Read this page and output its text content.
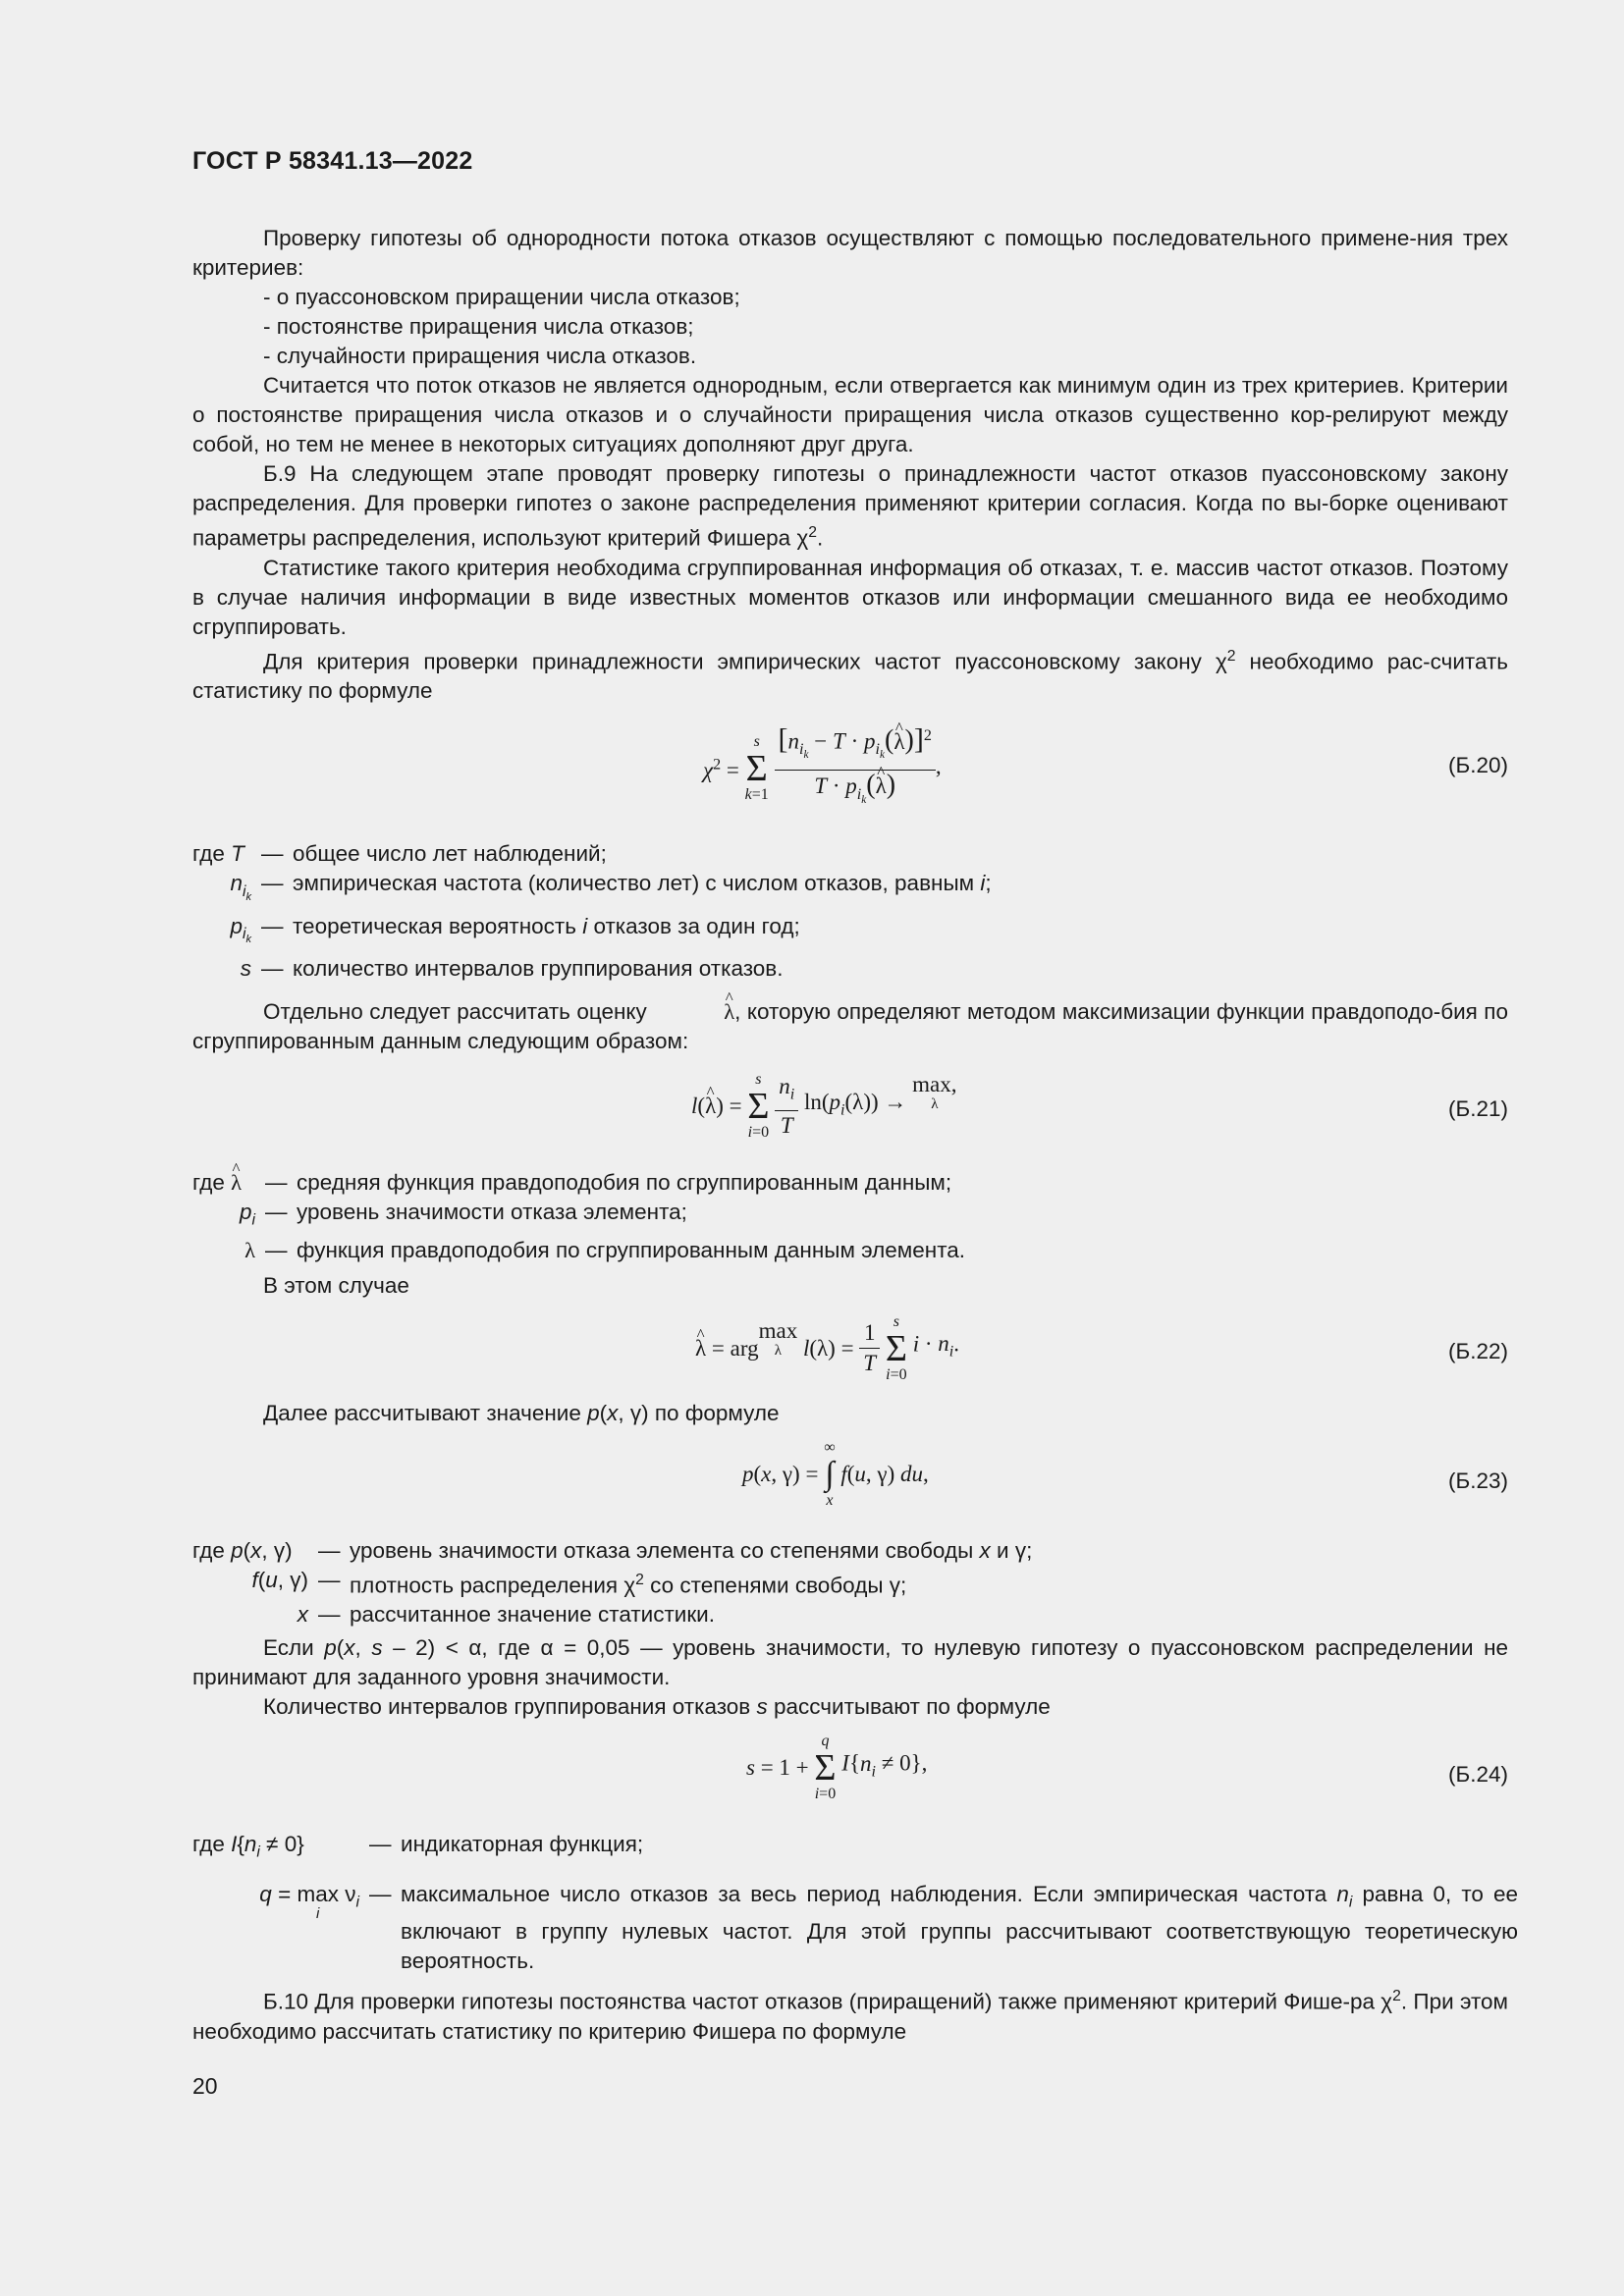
ГОСТ Р 58341.13—2022

Проверку гипотезы об однородности потока отказов осуществляют с помощью последовательного примене-ния трех критериев:

- о пуассоновском приращении числа отказов;

- постоянстве приращения числа отказов;

- случайности приращения числа отказов.

Считается что поток отказов не является однородным, если отвергается как минимум один из трех критериев. Критерии о постоянстве приращения числа отказов и о случайности приращения числа отказов существенно кор-релируют между собой, но тем не менее в некоторых ситуациях дополняют друг друга.

Б.9 На следующем этапе проводят проверку гипотезы о принадлежности частот отказов пуассоновскому закону распределения. Для проверки гипотез о законе распределения применяют критерии согласия. Когда по вы-борке оценивают параметры распределения, используют критерий Фишера $\chi^2$.

Статистике такого критерия необходима сгруппированная информация об отказах, т. е. массив частот отказов. Поэтому в случае наличия информации в виде известных моментов отказов или информации смешанного вида ее необходимо сгруппировать.

Для критерия проверки принадлежности эмпирических частот пуассоновскому закону $\chi^2$ необходимо рас-считать статистику по формуле

$\chi^2$ =
s
Σ
k=1
$\frac{[n_{i_k} - T \cdot p_{i_k}(\^{} \lambda)]^2}{T \cdot p_{i_k}(\^{} \lambda)}$ ,	(Б.20)
где T — общее число лет наблюдений;
$n_{i_k}$
— эмпирическая частота (количество лет) с числом отказов, равным i;
$p_{i_k}$
— теоретическая вероятность i отказов за один год;
s — количество интервалов группирования отказов.

Отдельно следует рассчитать оценку ^	λ, которую определяют методом максимизации функции правдоподо-бия по сгруппированным данным следующим образом:

l(^ λ) =
s
Σ
i=0
$\frac{n_i}{T} \ln(p_i(\lambda)) \to \max$,

λ	(Б.21)
где ^ λ	— средняя функция правдоподобия по сгруппированным данным;
$p_i$ — уровень значимости отказа элемента;
λ — функция правдоподобия по сгруппированным данным элемента.

В этом случае

^ λ = argmax

λ $l(\lambda) = \frac{1}{T}$
s
Σ
i=0
$i \cdot n_i$.	(Б.22)

Далее рассчитывают значение p(x, γ) по формуле

p(x, γ) =
∞
∫
x
f(u, γ) du,	(Б.23)
где p(x, γ)	— уровень значимости отказа элемента со степенями свободы x и γ;
f(u, γ) — плотность распределения $\chi^2$ со степенями свободы γ;
x — рассчитанное значение статистики.

Если p(x, s – 2) < α, где α = 0,05 — уровень значимости, то нулевую гипотезу о пуассоновском распределении не принимают для заданного уровня значимости.

Количество интервалов группирования отказов s рассчитывают по формуле

s = 1 +
q
Σ
i=0
$I\{n_i \ne 0\}$,	(Б.24)
где $I\{n_i \ne 0\}$	— индикаторная функция;
q = max

i
$\nu_i$ — максимальное число отказов за весь период наблюдения. Если эмпирическая частота $n_i$ равна 0, то ее включают в группу нулевых частот. Для этой группы рассчитывают соответствующую теоретическую вероятность.

Б.10 Для проверки гипотезы постоянства частот отказов (приращений) также применяют критерий Фише-ра $\chi^2$. При этом необходимо рассчитать статистику по критерию Фишера по формуле

20
